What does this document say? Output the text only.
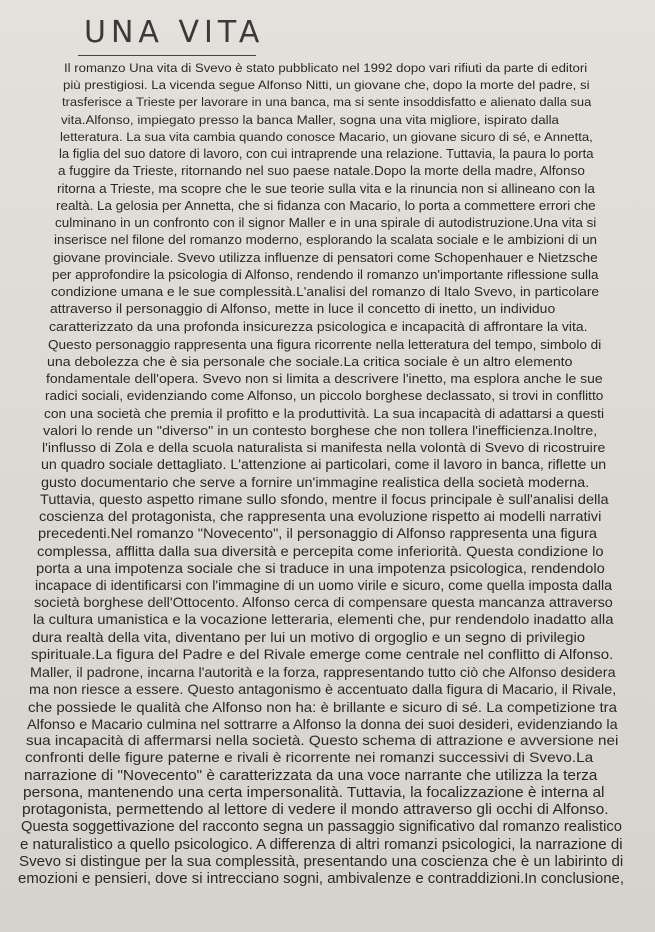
UNA VITA
Il romanzo Una vita di Svevo è stato pubblicato nel 1992 dopo vari rifiuti da parte di editori
più prestigiosi. La vicenda segue Alfonso Nitti, un giovane che, dopo la morte del padre, si
trasferisce a Trieste per lavorare in una banca, ma si sente insoddisfatto e alienato dalla sua
vita.Alfonso, impiegato presso la banca Maller, sogna una vita migliore, ispirato dalla
letteratura. La sua vita cambia quando conosce Macario, un giovane sicuro di sé, e Annetta,
la figlia del suo datore di lavoro, con cui intraprende una relazione. Tuttavia, la paura lo porta
a fuggire da Trieste, ritornando nel suo paese natale.Dopo la morte della madre, Alfonso
ritorna a Trieste, ma scopre che le sue teorie sulla vita e la rinuncia non si allineano con la
realtà. La gelosia per Annetta, che si fidanza con Macario, lo porta a commettere errori che
culminano in un confronto con il signor Maller e in una spirale di autodistruzione.Una vita si
inserisce nel filone del romanzo moderno, esplorando la scalata sociale e le ambizioni di un
giovane provinciale. Svevo utilizza influenze di pensatori come Schopenhauer e Nietzsche
per approfondire la psicologia di Alfonso, rendendo il romanzo un'importante riflessione sulla
condizione umana e le sue complessità.L'analisi del romanzo di Italo Svevo, in particolare
attraverso il personaggio di Alfonso, mette in luce il concetto di inetto, un individuo
caratterizzato da una profonda insicurezza psicologica e incapacità di affrontare la vita.
Questo personaggio rappresenta una figura ricorrente nella letteratura del tempo, simbolo di
una debolezza che è sia personale che sociale.La critica sociale è un altro elemento
fondamentale dell'opera. Svevo non si limita a descrivere l'inetto, ma esplora anche le sue
radici sociali, evidenziando come Alfonso, un piccolo borghese declassato, si trovi in conflitto
con una società che premia il profitto e la produttività. La sua incapacità di adattarsi a questi
valori lo rende un "diverso" in un contesto borghese che non tollera l'inefficienza.Inoltre,
l'influsso di Zola e della scuola naturalista si manifesta nella volontà di Svevo di ricostruire
un quadro sociale dettagliato. L'attenzione ai particolari, come il lavoro in banca, riflette un
gusto documentario che serve a fornire un'immagine realistica della società moderna.
Tuttavia, questo aspetto rimane sullo sfondo, mentre il focus principale è sull'analisi della
coscienza del protagonista, che rappresenta una evoluzione rispetto ai modelli narrativi
precedenti.Nel romanzo "Novecento", il personaggio di Alfonso rappresenta una figura
complessa, afflitta dalla sua diversità e percepita come inferiorità. Questa condizione lo
porta a una impotenza sociale che si traduce in una impotenza psicologica, rendendolo
incapace di identificarsi con l'immagine di un uomo virile e sicuro, come quella imposta dalla
società borghese dell'Ottocento. Alfonso cerca di compensare questa mancanza attraverso
la cultura umanistica e la vocazione letteraria, elementi che, pur rendendolo inadatto alla
dura realtà della vita, diventano per lui un motivo di orgoglio e un segno di privilegio
spirituale.La figura del Padre e del Rivale emerge come centrale nel conflitto di Alfonso.
Maller, il padrone, incarna l'autorità e la forza, rappresentando tutto ciò che Alfonso desidera
ma non riesce a essere. Questo antagonismo è accentuato dalla figura di Macario, il Rivale,
che possiede le qualità che Alfonso non ha: è brillante e sicuro di sé. La competizione tra
Alfonso e Macario culmina nel sottrarre a Alfonso la donna dei suoi desideri, evidenziando la
sua incapacità di affermarsi nella società. Questo schema di attrazione e avversione nei
confronti delle figure paterne e rivali è ricorrente nei romanzi successivi di Svevo.La
narrazione di "Novecento" è caratterizzata da una voce narrante che utilizza la terza
persona, mantenendo una certa impersonalità. Tuttavia, la focalizzazione è interna al
protagonista, permettendo al lettore di vedere il mondo attraverso gli occhi di Alfonso.
Questa soggettivazione del racconto segna un passaggio significativo dal romanzo realistico
e naturalistico a quello psicologico. A differenza di altri romanzi psicologici, la narrazione di
Svevo si distingue per la sua complessità, presentando una coscienza che è un labirinto di
emozioni e pensieri, dove si intrecciano sogni, ambivalenze e contraddizioni.In conclusione,
